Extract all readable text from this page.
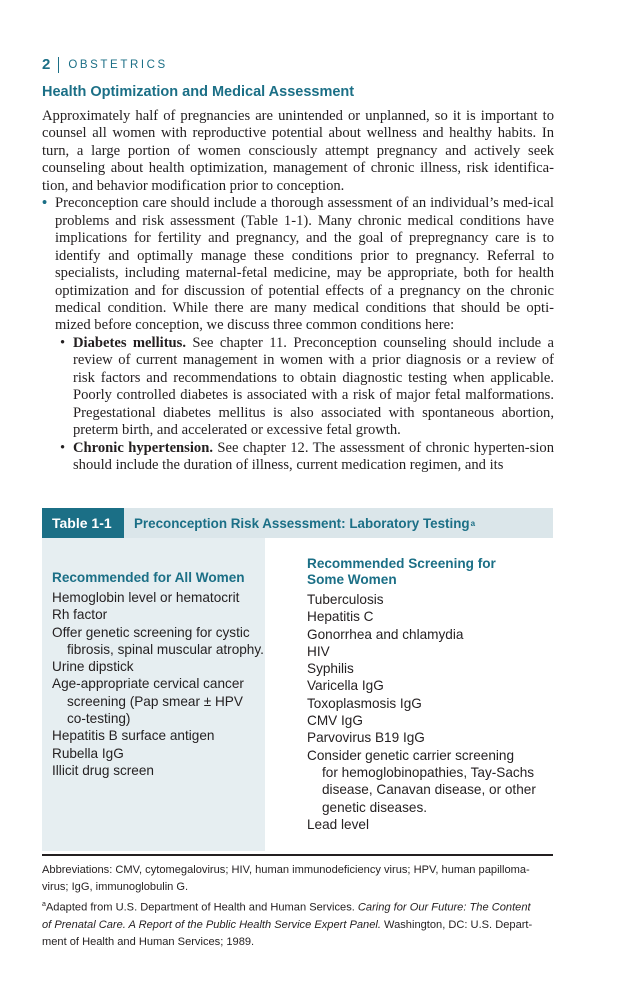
2 OBSTETRICS
Health Optimization and Medical Assessment

Approximately half of pregnancies are unintended or unplanned, so it is important to counsel all women with reproductive potential about wellness and healthy habits. In turn, a large portion of women consciously attempt pregnancy and actively seek counseling about health optimization, management of chronic illness, risk identifica-tion, and behavior modification prior to conception.

• Preconception care should include a thorough assessment of an individual’s med-ical problems and risk assessment (Table 1-1). Many chronic medical conditions have implications for fertility and pregnancy, and the goal of prepregnancy care is to identify and optimally manage these conditions prior to pregnancy. Referral to specialists, including maternal-fetal medicine, may be appropriate, both for health optimization and for discussion of potential effects of a pregnancy on the chronic medical condition. While there are many medical conditions that should be opti-mized before conception, we discuss three common conditions here:
• Diabetes mellitus. See chapter 11. Preconception counseling should include a review of current management in women with a prior diagnosis or a review of risk factors and recommendations to obtain diagnostic testing when applicable. Poorly controlled diabetes is associated with a risk of major fetal malformations. Pregestational diabetes mellitus is also associated with spontaneous abortion, preterm birth, and accelerated or excessive fetal growth.
• Chronic hypertension. See chapter 12. The assessment of chronic hyperten-sion should include the duration of illness, current medication regimen, and its
Table 1-1	Preconception Risk Assessment: Laboratory Testing a
Recommended for All Women
Hemoglobin level or hematocrit
Rh factor
Offer genetic screening for cystic
fibrosis, spinal muscular atrophy.
Urine dipstick
Age-appropriate cervical cancer
screening (Pap smear ± HPV
co-testing)
Hepatitis B surface antigen
Rubella IgG
Illicit drug screen
Recommended Screening for
Some Women
Tuberculosis
Hepatitis C
Gonorrhea and chlamydia
HIV
Syphilis
Varicella IgG
Toxoplasmosis IgG
CMV IgG
Parvovirus B19 IgG
Consider genetic carrier screening
for hemoglobinopathies, Tay-Sachs
disease, Canavan disease, or other
genetic diseases.
Lead level

Abbreviations: CMV, cytomegalovirus; HIV, human immunodeficiency virus; HPV, human papilloma-
virus; IgG, immunoglobulin G.

$^a$Adapted from U.S. Department of Health and Human Services. Caring for Our Future: The Content
of Prenatal Care. A Report of the Public Health Service Expert Panel. Washington, DC: U.S. Depart-
ment of Health and Human Services; 1989.
